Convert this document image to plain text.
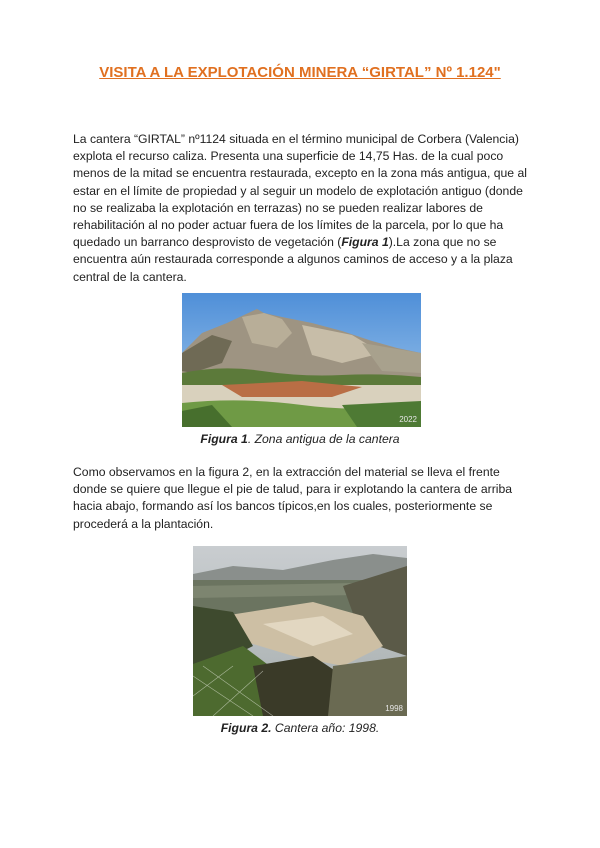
VISITA A LA EXPLOTACIÓN MINERA “GIRTAL” Nº 1.124"
La cantera “GIRTAL” nº1124 situada en el término municipal de Corbera (Valencia) explota el recurso caliza. Presenta una superficie de 14,75 Has. de la cual poco menos de la mitad se encuentra restaurada, excepto en la zona más antigua, que al estar en el límite de propiedad y al seguir un modelo de explotación antiguo (donde no se realizaba la explotación en terrazas) no se pueden realizar labores de rehabilitación al no poder actuar fuera de los límites de la parcela, por lo que ha quedado un barranco desprovisto de vegetación (Figura 1).La zona que no se encuentra aún restaurada corresponde a algunos caminos de acceso y a la plaza central de la cantera.
2022
Figura 1. Zona antigua de la cantera
Como observamos en la figura 2, en la extracción del material se lleva el frente donde se quiere que llegue el pie de talud, para ir explotando la cantera de arriba hacia abajo, formando así los bancos típicos,en los cuales, posteriormente se procederá a la plantación.
1998
Figura 2. Cantera año: 1998.
